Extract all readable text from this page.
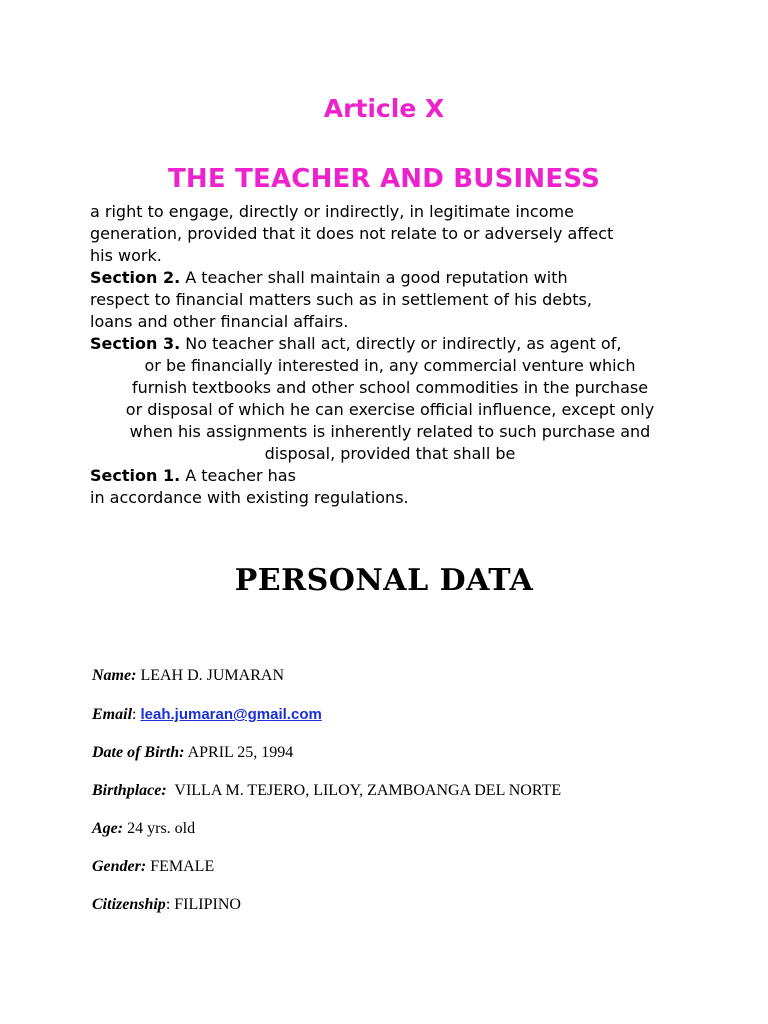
Article X
THE TEACHER AND BUSINESS
a right to engage, directly or indirectly, in legitimate income
generation, provided that it does not relate to or adversely affect
his work.
Section 2. A teacher shall maintain a good reputation with
respect to financial matters such as in settlement of his debts,
loans and other financial affairs.
Section 3. No teacher shall act, directly or indirectly, as agent of,
or be financially interested in, any commercial venture which
furnish textbooks and other school commodities in the purchase
or disposal of which he can exercise official influence, except only
when his assignments is inherently related to such purchase and
disposal, provided that shall be
Section 1. A teacher has
in accordance with existing regulations.
PERSONAL DATA
Name: LEAH D. JUMARAN
Email: leah.jumaran@gmail.com
Date of Birth: APRIL 25, 1994
Birthplace:  VILLA M. TEJERO, LILOY, ZAMBOANGA DEL NORTE
Age: 24 yrs. old
Gender: FEMALE
Citizenship: FILIPINO
